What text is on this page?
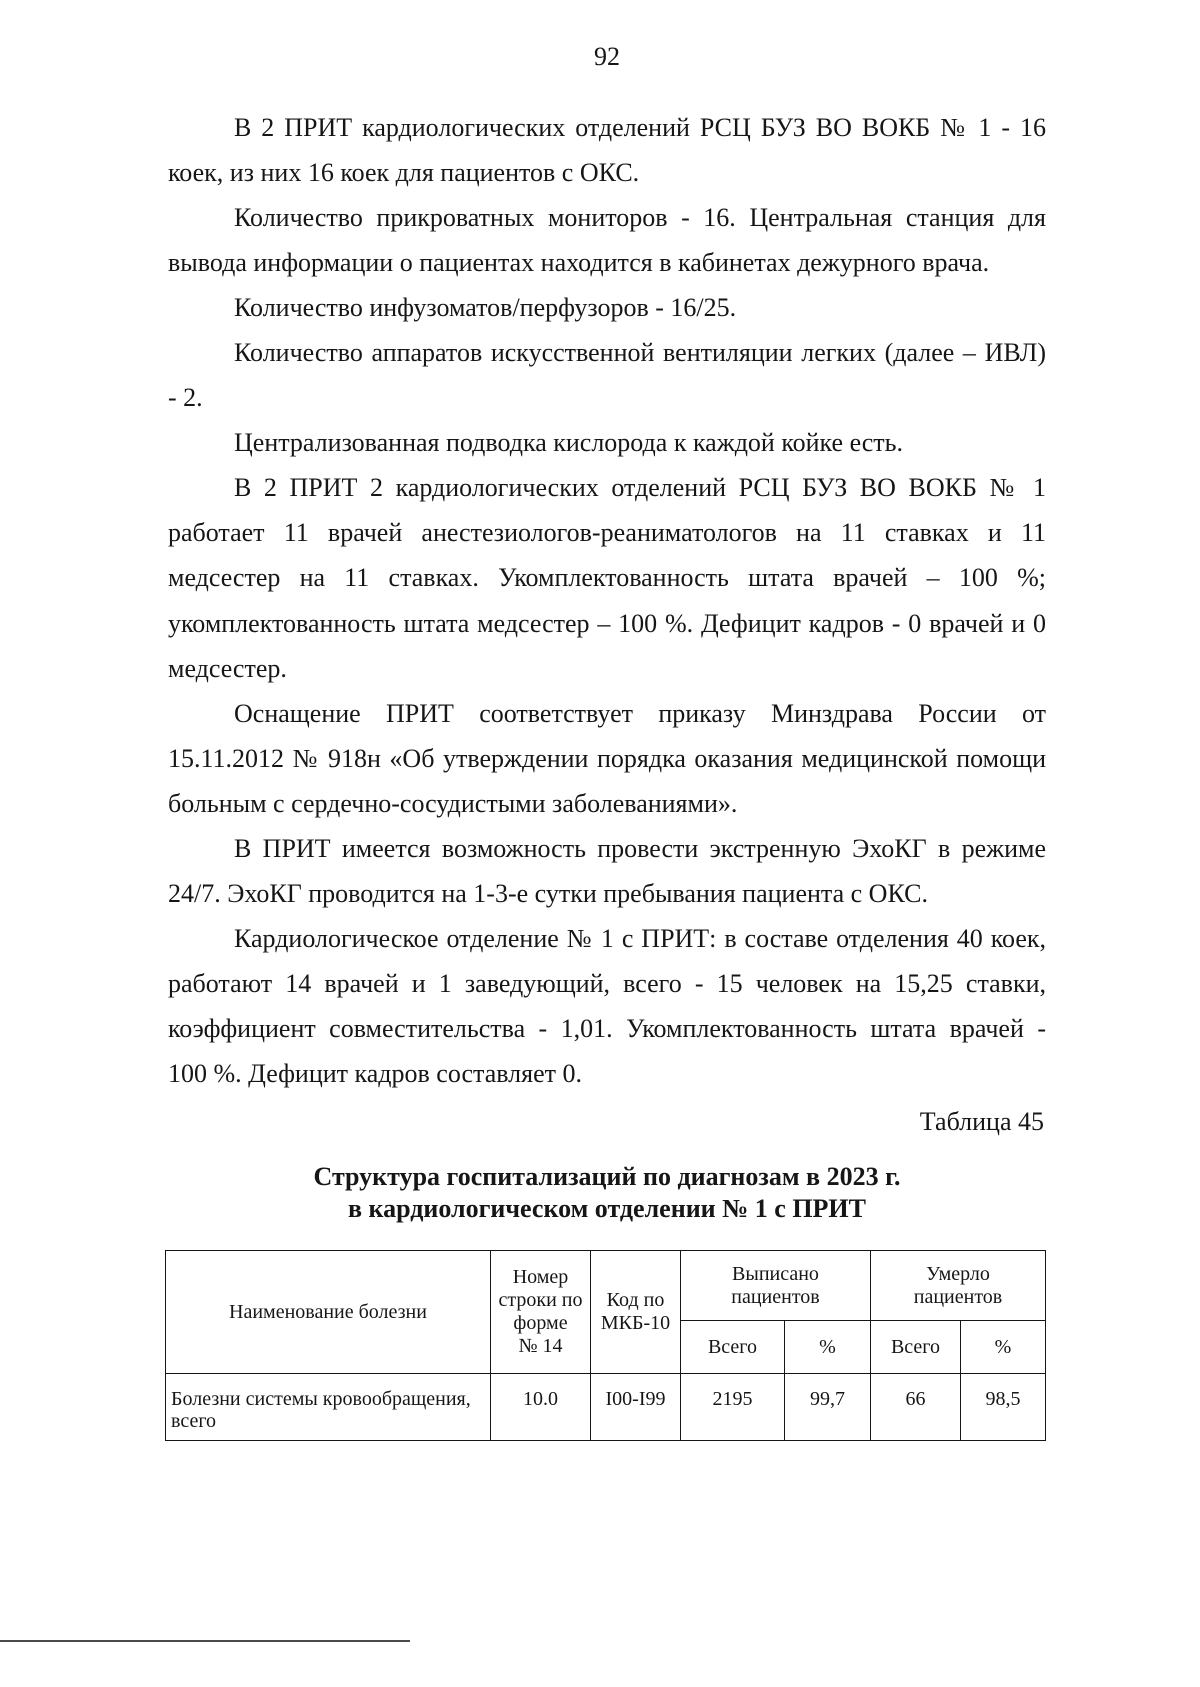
92
В 2 ПРИТ кардиологических отделений РСЦ БУЗ ВО ВОКБ № 1 - 16
коек, из них 16 коек для пациентов с ОКС.
Количество прикроватных мониторов - 16. Центральная станция для
вывода информации о пациентах находится в кабинетах дежурного врача.
Количество инфузоматов/перфузоров - 16/25.
Количество аппаратов искусственной вентиляции легких (далее – ИВЛ)
- 2.
Централизованная подводка кислорода к каждой койке есть.
В 2 ПРИТ 2 кардиологических отделений РСЦ БУЗ ВО ВОКБ № 1
работает 11 врачей анестезиологов-реаниматологов на 11 ставках и 11
медсестер на 11 ставках. Укомплектованность штата врачей – 100 %;
укомплектованность штата медсестер – 100 %. Дефицит кадров - 0 врачей и 0
медсестер.
Оснащение ПРИТ соответствует приказу Минздрава России от
15.11.2012 № 918н «Об утверждении порядка оказания медицинской помощи
больным с сердечно-сосудистыми заболеваниями».
В ПРИТ имеется возможность провести экстренную ЭхоКГ в режиме
24/7. ЭхоКГ проводится на 1-3-е сутки пребывания пациента с ОКС.
Кардиологическое отделение № 1 с ПРИТ: в составе отделения 40 коек,
работают 14 врачей и 1 заведующий, всего - 15 человек на 15,25 ставки,
коэффициент совместительства - 1,01. Укомплектованность штата врачей -
100 %. Дефицит кадров составляет 0.
Таблица 45
Структура госпитализаций по диагнозам в 2023 г.
в кардиологическом отделении № 1 с ПРИТ
Наименование болезни	Номер
строки по
форме
№ 14	Код по
МКБ-10	Выписано
пациентов		Умерло
пациентов	
			Всего	%	Всего	%
Болезни системы кровообращения,
всего	10.0	I00-I99	2195	99,7	66	98,5
